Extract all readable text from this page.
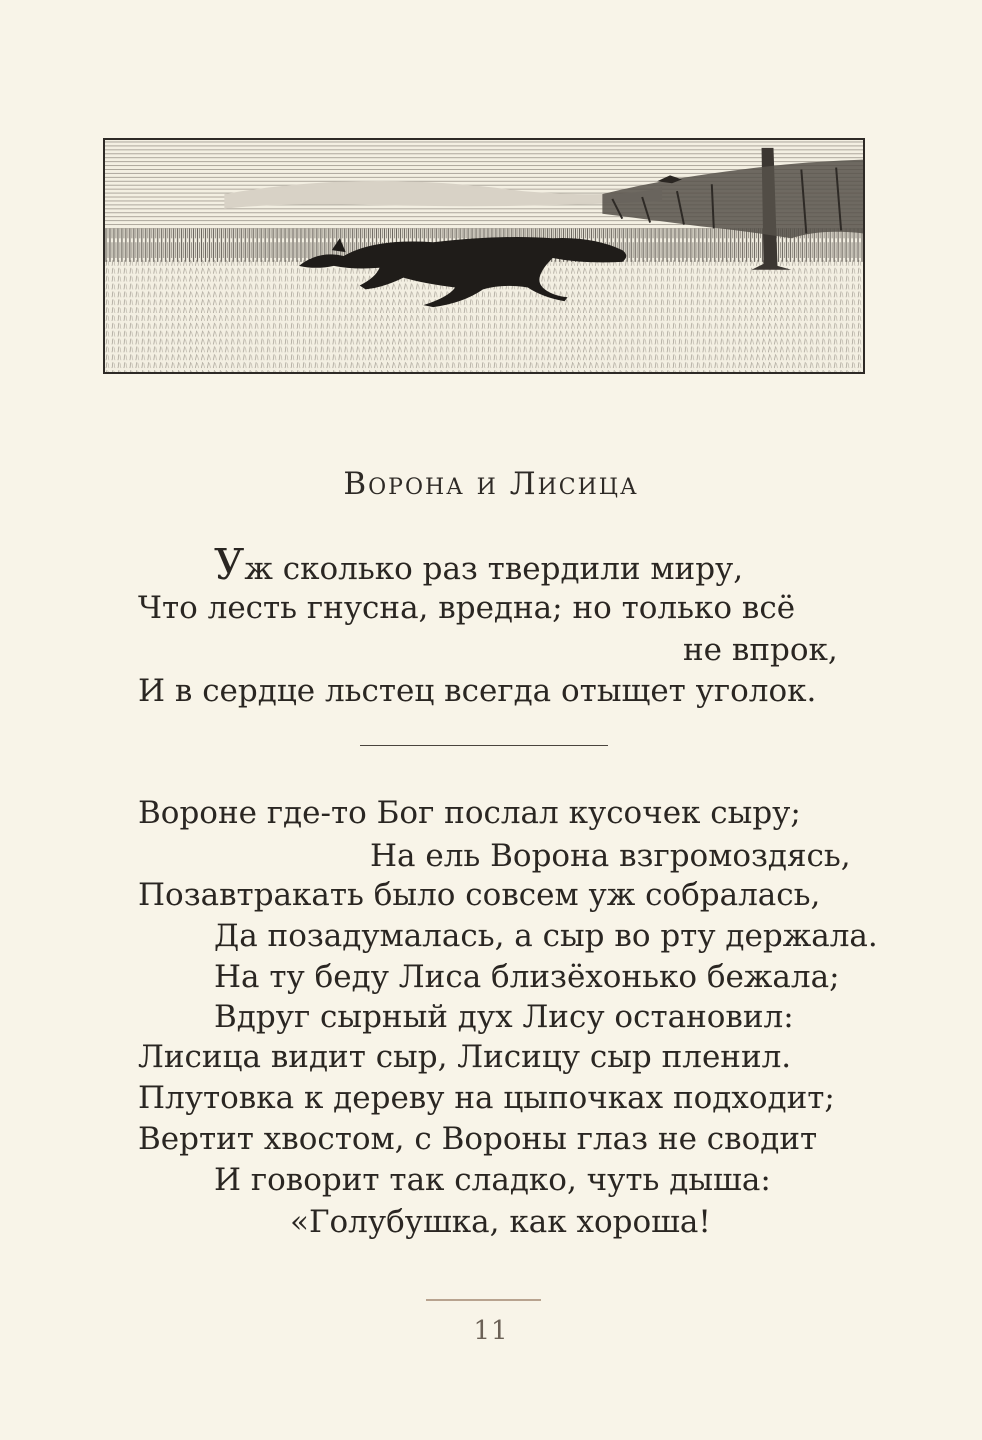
Ворона и Лисица
Уж сколько раз твердили миру,
Что лесть гнусна, вредна; но только всё
не впрок,
И в сердце льстец всегда отыщет уголок.
Вороне где-то Бог послал кусочек сыру;
На ель Ворона взгромоздясь,
Позавтракать было совсем уж собралась,
Да позадумалась, а сыр во рту держала.
На ту беду Лиса близёхонько бежала;
Вдруг сырный дух Лису остановил:
Лисица видит сыр, Лисицу сыр пленил.
Плутовка к дереву на цыпочках подходит;
Вертит хвостом, с Вороны глаз не сводит
И говорит так сладко, чуть дыша:
«Голубушка, как хороша!
11
